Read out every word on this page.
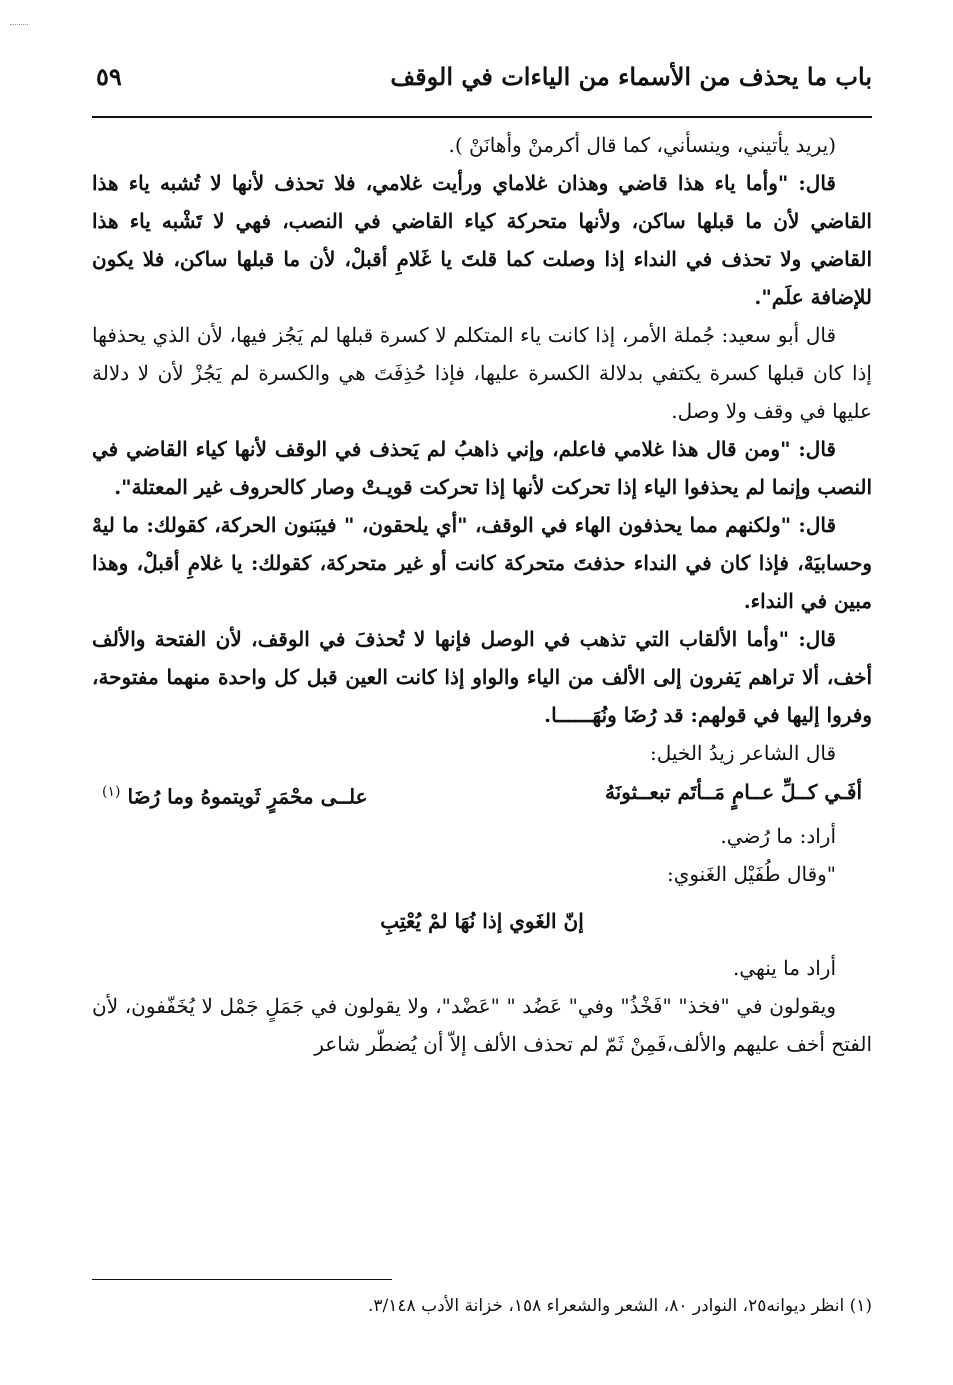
باب ما يحذف من الأسماء من الياءات في الوقف
٥٩

(يريد يأتيني، وينسأني، كما قال أكرمنْ وأهانَنْ ).

قال: "وأما ياء هذا قاضي وهذان غلاماي ورأيت غلامي، فلا تحذف لأنها لا تُشبه ياء هذا القاضي لأن ما قبلها ساكن، ولأنها متحركة كياء القاضي في النصب، فهي لا تَشْبه ياء هذا القاضي ولا تحذف في النداء إذا وصلت كما قلتَ يا غَلامِ أقبلْ، لأن ما قبلها ساكن، فلا يكون للإضافة علَم".

قال أبو سعيد: جُملة الأمر، إذا كانت ياء المتكلم لا كسرة قبلها لم يَجُز فيها، لأن الذي يحذفها إذا كان قبلها كسرة يكتفي بدلالة الكسرة عليها، فإذا حُذِفَتَ هي والكسرة لم يَجُزْ لأن لا دلالة عليها في وقف ولا وصل.

قال: "ومن قال هذا غلامي فاعلم، وإني ذاهبُ لم يَحذف في الوقف لأنها كياء القاضي في النصب وإنما لم يحذفوا الياء إذا تحركت لأنها إذا تحركت قويـتْ وصار كالحروف غير المعتلة".

قال: "ولكنهم مما يحذفون الهاء في الوقف، "أي يلحقون، " فيبَنون الحركة، كقولك: ما ليهْ وحسابيَهْ، فإذا كان في النداء حذفتَ متحركة كانت أو غير متحركة، كقولك: يا غلامِ أقبلْ، وهذا مبين في النداء.

قال: "وأما الألقاب التي تذهب في الوصل فإنها لا تُحذفَ في الوقف، لأن الفتحة والألف أخف، ألا تراهم يَفرون إلى الألف من الياء والواو إذا كانت العين قبل كل واحدة منهما مفتوحة، وفروا إليها في قولهم: قد رُضَا ونُهَــــــا.

قال الشاعر زيدُ الخيل:

أفَـي كــلِّ عــامٍ مَــأتَم تبعــثونَهُ
علــى محْمَرٍ ثَويتموهُ وما رُضَا $^{(١)}$

أراد: ما رُضي.

"وقال طُفَيْل الغَنوي:

إنّ الغَوي إذا نُهَا لمْ يُعْتِبِ

أراد ما ينهي.

ويقولون في "فخذ" "فَخْذُ" وفي" عَضُد " "عَضْد"، ولا يقولون في جَمَلٍ جَمْل لا يُخَفّفون، لأن الفتح أخف عليهم والألف،فَمِنْ ثَمّ لم تحذف الألف إلاّ أن يُضطّر شاعر

(١) انظر ديوانه٢٥، النوادر ٨٠، الشعر والشعراء ١٥٨، خزانة الأدب ٣/١٤٨.
